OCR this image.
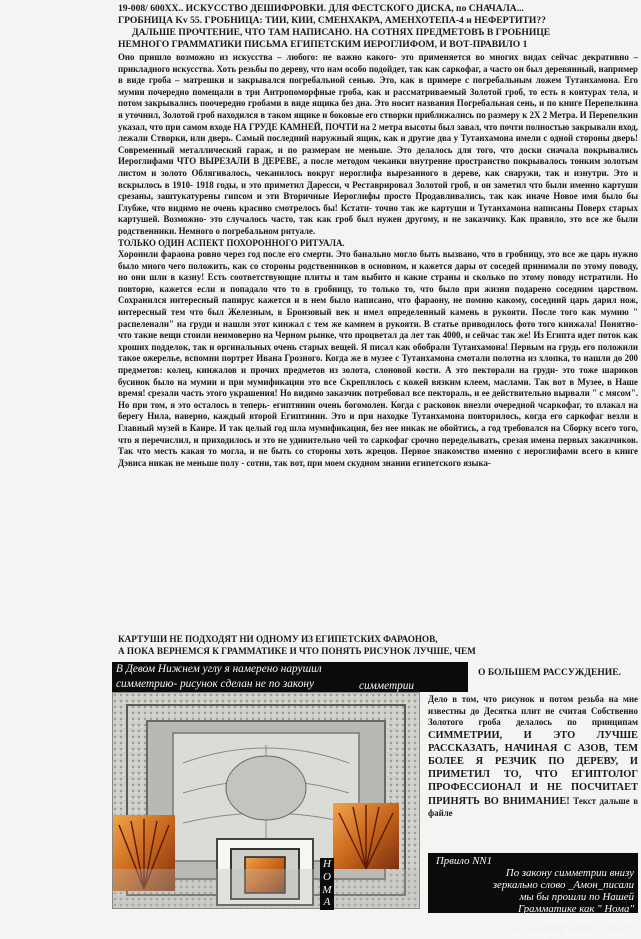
19-008/ 600XX.. ИСКУССТВО ДЕШИФРОВКИ. ДЛЯ ФЕСТСКОГО ДИСКА, по СНАЧАЛА...
ГРОБНИЦА Kv 55. ГРОБНИЦА: ТИИ, КИИ, СМЕНХАКРА, АМЕНХОТЕПА-4 и НЕФЕРТИТИ??
ДАЛЬШЕ ПРОЧТЕНИЕ, ЧТО ТАМ НАПИСАНО. НА СОТНЯХ ПРЕДМЕТОВЪ В ГРОБНИЦЕ
НЕМНОГО ГРАММАТИКИ ПИСЬМА ЕГИПЕТСКИМ ИЕРОГЛИФОМ, И ВОТ-ПРАВИЛО 1

Оно пришло возможно из искусства – любого: не важно какого- это применяется во многих видах сейчас декративно – прикладного искусства. Хоть резьбы по дереву, что нам особо подойдет, так как саркофаг, а часто он был деревянный, например в виде гроба – матрешки и закрывался погребальной сенью. Это, как в примере с погребальным ложем Тутанхамона. Его мумии почередно помещали в три Антропоморфные гроба, как и рассматриваемый Золотой гроб, то есть в контурах тела, и потом закрывались поочередно гробами в виде ящика без дна. Это носит названия Погребальная сень, и по книге Перепелкина я уточнил, Золотой гроб находился в таком ящике и боковые его створки приближались по размеру к 2Х 2 Метра. И Перепелкин указал, что при самом входе НА ГРУДЕ КАМНЕЙ, ПОЧТИ на 2 метра высоты был завал, что почти полностью закрывали вход, лежали Створки, или дверь. Самый последний наружный ящик, как и другие два у Тутанхамона имели с одной стороны дверь! Современный металлический гараж, и по размерам не меньше. Это делалось для того, что доски сначала покрывались Иероглифами ЧТО ВЫРЕЗАЛИ В ДЕРЕВЕ, а после методом чеканки внутренне пространство покрывалось тонким золотым листом и золото Облягивалось, чеканилось вокруг иероглифа вырезанного в дереве, как снаружи, так и изнутри. Это и вскрылось в 1910- 1918 годы, и это приметил Даресси, ч Реставрировал Золотой гроб, и он заметил что были именно картуши срезаны, заштукатурены гипсом и эти Вторичные Иероглифы просто Продавливались, так как иначе Новое имя было бы Глубже, что видимо не очень красиво смотрелось бы! Кстати- точно так же картуши и Тутанхамона написаны Поверх старых картушей. Возможно- это случалось часто, так как гроб был нужен другому, и не заказчику. Как правило, это все же были родственники. Немного о погребальном ритуале.

ТОЛЬКО ОДИН АСПЕКТ ПОХОРОННОГО РИТУАЛА.

Хоронили фараона ровно через год после его смерти. Это банально могло быть вызвано, что в гробницу, это все же царь нужно было много чего положить, как со стороны родственников в основном, и кажется дары от соседей принимали по этому поводу, но они шли в казну! Есть соответствующие плиты и там выбито и какие страны и сколько по этому поводу истратили. Но повторю, кажется если и попадало что то в гробницу, то только то, что было при жизни подарено соседним царством. Сохранился интересный папирус кажется и в нем было написано, что фараону, не помню какому, соседний царь дарил нож, интересный тем что был Железным, в Бронзовый век и имел определенный камень в рукояти. После того как мумию " распеленали" на груди и нашли этот кинжал с тем же камнем в рукояти. В статье приводилось фото того кинжала! Понятно- что такие вещи стоили неимоверно на Черном рынке, что процветал да лет так 4000, и сейчас так же! Из Египта идет поток как хроших подделок, так и оргинальных очень старых вещей. Я писал как обобрали Тутанхамона! Первым на грудь его положили такое ожерелье, вспомни портрет Ивана Грозного. Когда же в музее с Тутанхамона смотали полотна из хлопка, то нашли до 200 предметов: колец, кинжалов и прочих предметов из золота, слоновой кости. А это пекторали на груди- это тоже шариков бусинок было на мумии и при мумификации это все Скреплялось с кожей вязким клеем, маслами. Так вот в Музее, в Наше время! срезали часть этого украшения! Но видимо заказчик потребовал все пектораль, и ее действительно вырвали " с мясом". Но при том, я это осталось в теперь- египтянин очень богомолен. Когда с расковок внезли очередной чсаркофаг, то плакал на берегу Нила, наверно, каждый второй Египтянин. Это и при находке Тутанхамона повторилось, когда его саркофаг везли в Главный музей в Каире. И так целый год шла мумификация, без нее никак не обойтись, а год требовался на Сборку всего того, что я перечислил, и приходилось и это не удивительно чей то саркофаг срочно переделывать, срезая имена первых заказчиков. Так что месть какая то могла, и не быть со стороны хоть жрецов. Первое знакомство именно с иероглифами всего в книге Дэвиса никак не меньше полу - сотни, так вот, при моем скудном знании египетского языка-

КАРТУШИ НЕ ПОДХОДЯТ НИ ОДНОМУ ИЗ ЕГИПЕТСКИХ ФАРАОНОВ,
А ПОКА ВЕРНЕМСЯ К ГРАММАТИКЕ И ЧТО ПОНЯТЬ РИСУНОК ЛУЧШЕ, ЧЕМ
В Девом Нижнем углу я намерено нарушил
симметрию- рисунок сделан не по закону	симметрии
О БОЛЬШЕМ РАССУЖДЕНИЕ.
Дело в том, что рисунок и потом резьба на мне известны до Десятка плит не считая Собственно Золотого гроба делалось по принципам СИММЕТРИИ, И ЭТО ЛУЧШЕ РАССКАЗАТЬ, НАЧИНАЯ С АЗОВ, ТЕМ БОЛЕЕ Я РЕЗЧИК ПО ДЕРЕВУ, И ПРИМЕТИЛ ТО, ЧТО ЕГИПТОЛОГ ПРОФЕССИОНАЛ И НЕ ПОСЧИТАЕТ ПРИНЯТЬ ВО ВНИМАНИЕ! Текст дальше в файле
Н
О
М
А
Првило NN1
По закону симметрии внизу
зеркально слово _Амон_писали
мы бы прошли по Нашей
Грамматике как " Нома"
именно так и писали
на створке Золотого гроба
